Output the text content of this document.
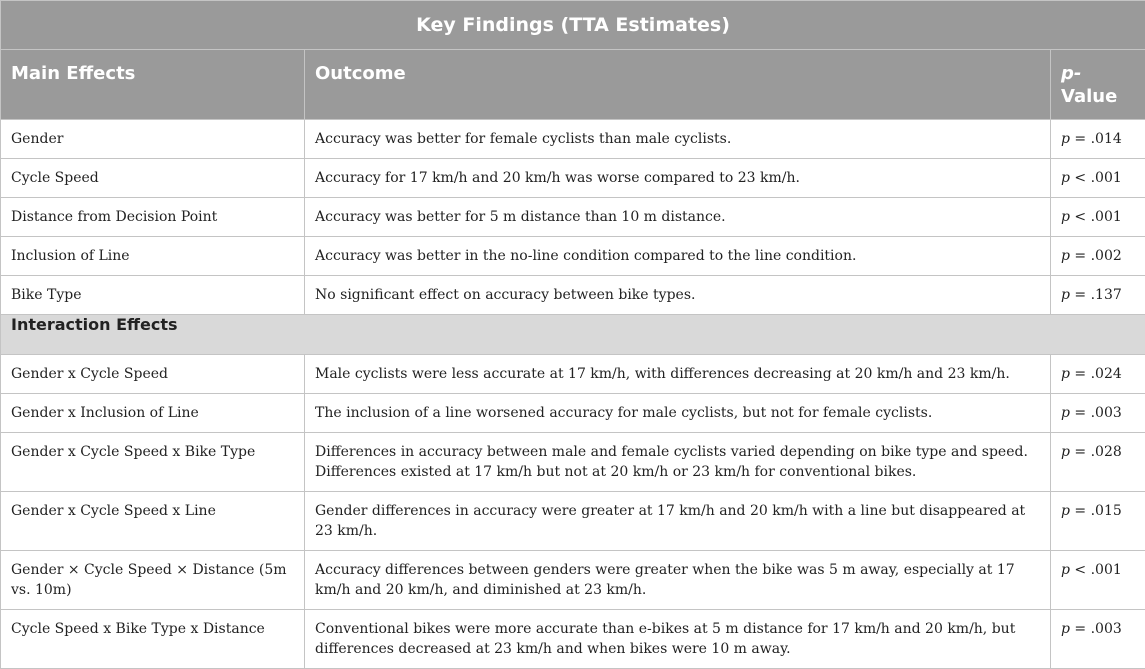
Key Findings (TTA Estimates)		
Main Effects	Outcome	p-
Value
Gender	Accuracy was better for female cyclists than male cyclists.	p = .014
Cycle Speed	Accuracy for 17 km/h and 20 km/h was worse compared to 23 km/h.	p < .001
Distance from Decision Point	Accuracy was better for 5 m distance than 10 m distance.	p < .001
Inclusion of Line	Accuracy was better in the no-line condition compared to the line condition.	p = .002
Bike Type	No significant effect on accuracy between bike types.	p = .137
Interaction Effects		
Gender x Cycle Speed	Male cyclists were less accurate at 17 km/h, with differences decreasing at 20 km/h and 23 km/h.	p = .024
Gender x Inclusion of Line	The inclusion of a line worsened accuracy for male cyclists, but not for female cyclists.	p = .003
Gender x Cycle Speed x Bike Type	Differences in accuracy between male and female cyclists varied depending on bike type and speed. Differences existed at 17 km/h but not at 20 km/h or 23 km/h for conventional bikes.	p = .028
Gender x Cycle Speed x Line	Gender differences in accuracy were greater at 17 km/h and 20 km/h with a line but disappeared at 23 km/h.	p = .015
Gender × Cycle Speed × Distance (5m vs. 10m)	Accuracy differences between genders were greater when the bike was 5 m away, especially at 17 km/h and 20 km/h, and diminished at 23 km/h.	p < .001
Cycle Speed x Bike Type x Distance	Conventional bikes were more accurate than e-bikes at 5 m distance for 17 km/h and 20 km/h, but differences decreased at 23 km/h and when bikes were 10 m away.	p = .003
